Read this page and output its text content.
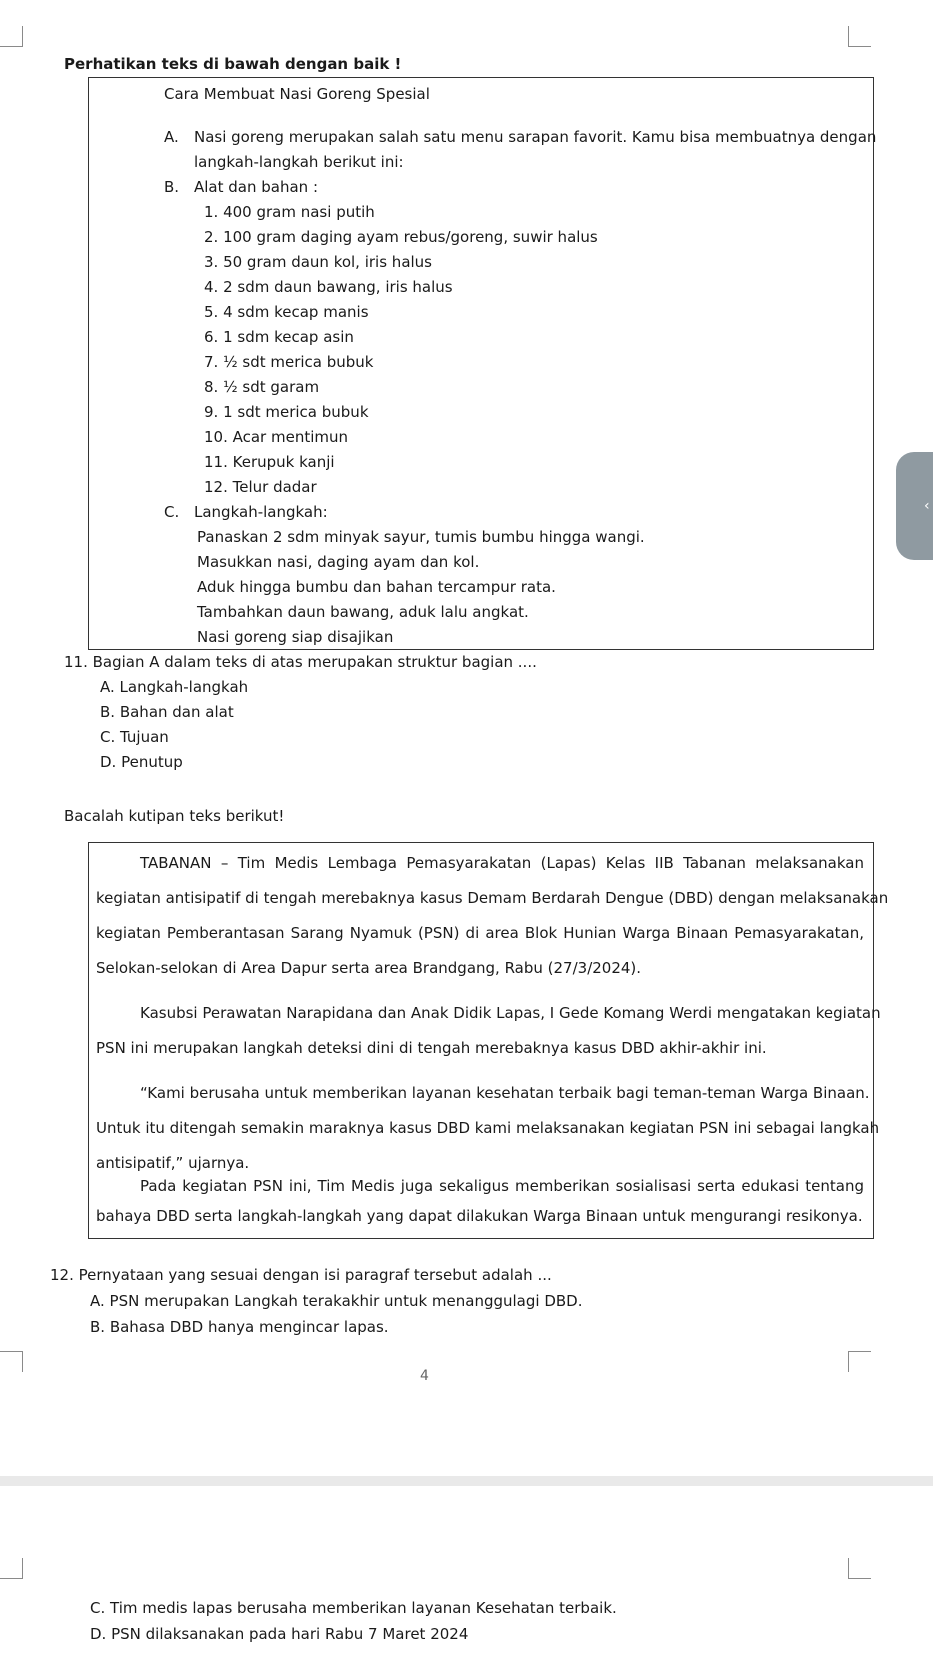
Perhatikan teks di bawah dengan baik !
Cara Membuat Nasi Goreng Spesial
A. Nasi goreng merupakan salah satu menu sarapan favorit. Kamu bisa membuatnya dengan
langkah-langkah berikut ini:
B. Alat dan bahan :
1. 400 gram nasi putih
2. 100 gram daging ayam rebus/goreng, suwir halus
3. 50 gram daun kol, iris halus
4. 2 sdm daun bawang, iris halus
5. 4 sdm kecap manis
6. 1 sdm kecap asin
7. ½ sdt merica bubuk
8. ½ sdt garam
9. 1 sdt merica bubuk
10. Acar mentimun
11. Kerupuk kanji
12. Telur dadar
C. Langkah-langkah:
Panaskan 2 sdm minyak sayur, tumis bumbu hingga wangi.
Masukkan nasi, daging ayam dan kol.
Aduk hingga bumbu dan bahan tercampur rata.
Tambahkan daun bawang, aduk lalu angkat.
Nasi goreng siap disajikan
11. Bagian A dalam teks di atas merupakan struktur bagian ....
A. Langkah-langkah
B. Bahan dan alat
C. Tujuan
D. Penutup
Bacalah kutipan teks berikut!
TABANAN – Tim Medis Lembaga Pemasyarakatan (Lapas) Kelas IIB Tabanan melaksanakan
kegiatan antisipatif di tengah merebaknya kasus Demam Berdarah Dengue (DBD) dengan melaksanakan
kegiatan Pemberantasan Sarang Nyamuk (PSN) di area Blok Hunian Warga Binaan Pemasyarakatan,
Selokan-selokan di Area Dapur serta area Brandgang, Rabu (27/3/2024).
Kasubsi Perawatan Narapidana dan Anak Didik Lapas, I Gede Komang Werdi mengatakan kegiatan
PSN ini merupakan langkah deteksi dini di tengah merebaknya kasus DBD akhir-akhir ini.
“Kami berusaha untuk memberikan layanan kesehatan terbaik bagi teman-teman Warga Binaan.
Untuk itu ditengah semakin maraknya kasus DBD kami melaksanakan kegiatan PSN ini sebagai langkah
antisipatif,” ujarnya.
Pada kegiatan PSN ini, Tim Medis juga sekaligus memberikan sosialisasi serta edukasi tentang
bahaya DBD serta langkah-langkah yang dapat dilakukan Warga Binaan untuk mengurangi resikonya.
12. Pernyataan yang sesuai dengan isi paragraf tersebut adalah ...
A. PSN merupakan Langkah terakakhir untuk menanggulagi DBD.
B. Bahasa DBD hanya mengincar lapas.
4
C. Tim medis lapas berusaha memberikan layanan Kesehatan terbaik.
D. PSN dilaksanakan pada hari Rabu 7 Maret 2024
‹
